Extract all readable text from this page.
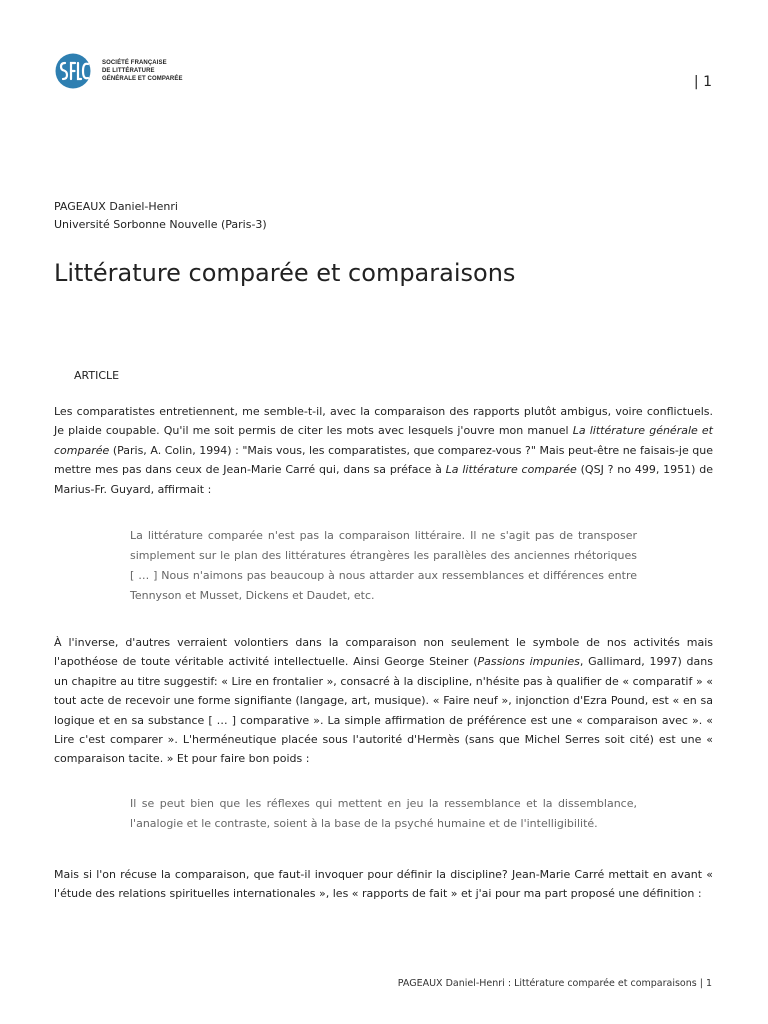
SOCIÉTÉ FRANÇAISE
DE LITTÉRATURE
GÉNÉRALE ET COMPARÉE	| 1
PAGEAUX Daniel-Henri
Université Sorbonne Nouvelle (Paris-3)
Littérature comparée et comparaisons
ARTICLE

Les comparatistes entretiennent, me semble-t-il, avec la comparaison des rapports plutôt ambigus, voire conflictuels. Je plaide coupable. Qu'il me soit permis de citer les mots avec lesquels j'ouvre mon manuel La littérature générale et comparée (Paris, A. Colin, 1994) : "Mais vous, les comparatistes, que comparez-vous ?" Mais peut-être ne faisais-je que mettre mes pas dans ceux de Jean-Marie Carré qui, dans sa préface à La littérature comparée (QSJ ? no 499, 1951) de Marius-Fr. Guyard, affirmait :

La littérature comparée n'est pas la comparaison littéraire. Il ne s'agit pas de transposer simplement sur le plan des littératures étrangères les parallèles des anciennes rhétoriques [ … ] Nous n'aimons pas beaucoup à nous attarder aux ressemblances et différences entre Tennyson et Musset, Dickens et Daudet, etc.

À l'inverse, d'autres verraient volontiers dans la comparaison non seulement le symbole de nos activités mais l'apothéose de toute véritable activité intellectuelle. Ainsi George Steiner (Passions impunies, Gallimard, 1997) dans un chapitre au titre suggestif: « Lire en frontalier », consacré à la discipline, n'hésite pas à qualifier de « comparatif » « tout acte de recevoir une forme signifiante (langage, art, musique). « Faire neuf », injonction d'Ezra Pound, est « en sa logique et en sa substance [ … ] comparative ». La simple affirmation de préférence est une « comparaison avec ». « Lire c'est comparer ». L'herméneutique placée sous l'autorité d'Hermès (sans que Michel Serres soit cité) est une « comparaison tacite. » Et pour faire bon poids :

Il se peut bien que les réflexes qui mettent en jeu la ressemblance et la dissemblance, l'analogie et le contraste, soient à la base de la psyché humaine et de l'intelligibilité.

Mais si l'on récuse la comparaison, que faut-il invoquer pour définir la discipline? Jean-Marie Carré mettait en avant « l'étude des relations spirituelles internationales », les « rapports de fait » et j'ai pour ma part proposé une définition :

PAGEAUX Daniel-Henri : Littérature comparée et comparaisons | 1
